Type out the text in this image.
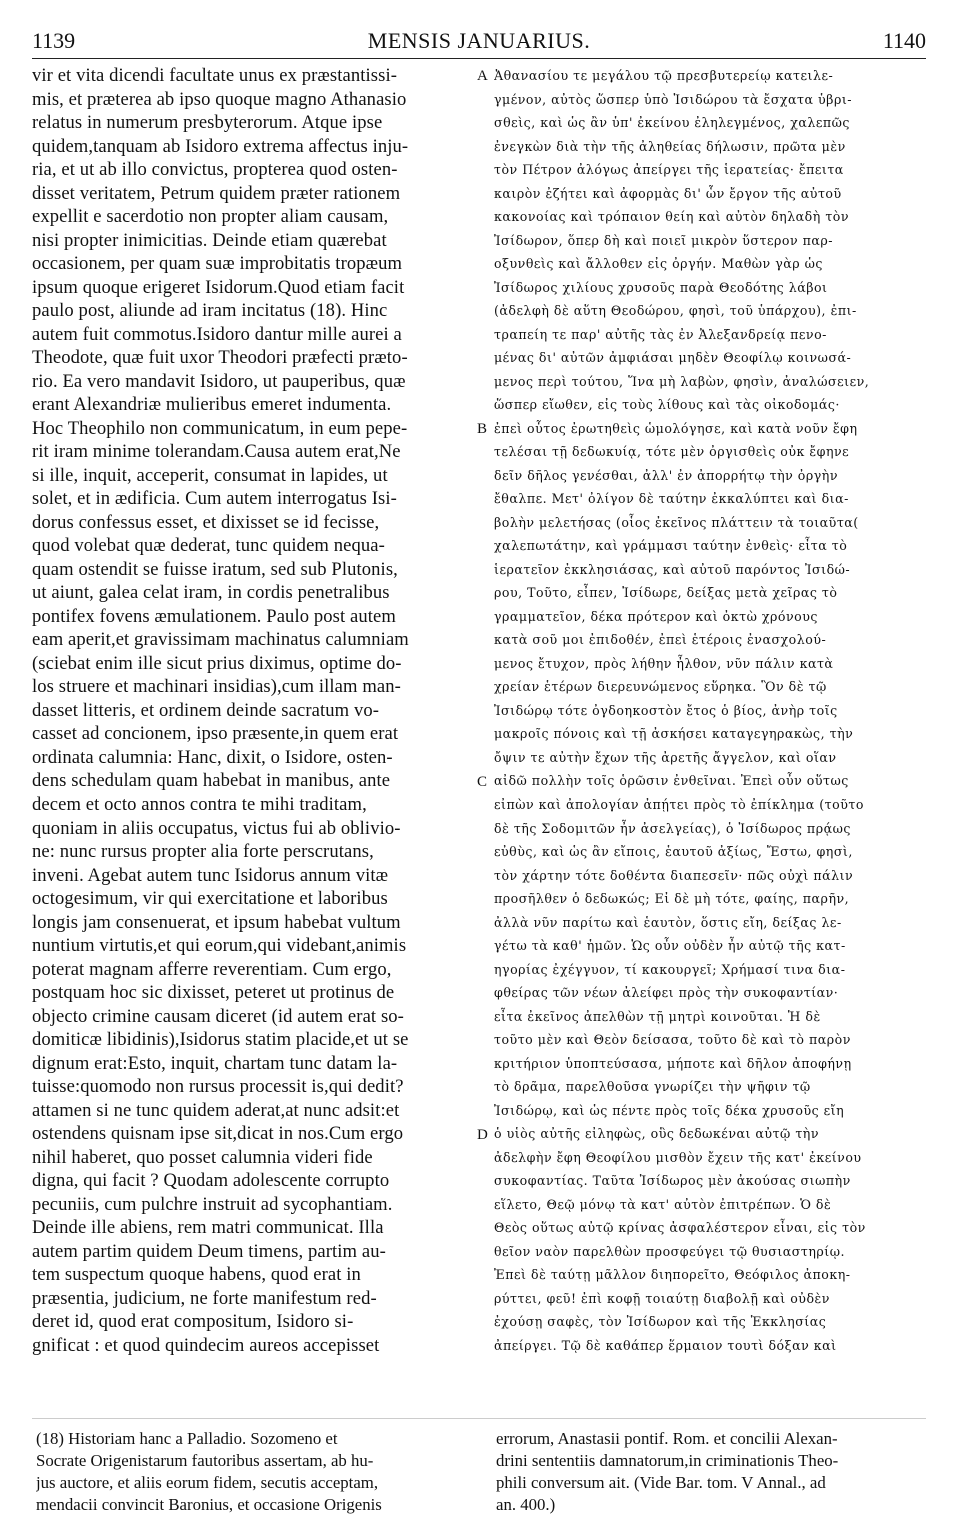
1139	MENSIS JANUARIUS.	1140
vir et vita dicendi facultate unus ex præstantissi-
mis, et præterea ab ipso quoque magno Athanasio
relatus in numerum presbyterorum. Atque ipse
quidem,tanquam ab Isidoro extrema affectus inju-
ria, et ut ab illo convictus, propterea quod osten-
disset veritatem, Petrum quidem præter rationem
expellit e sacerdotio non propter aliam causam,
nisi propter inimicitias. Deinde etiam quærebat
occasionem, per quam suæ improbitatis tropæum
ipsum quoque erigeret Isidorum.Quod etiam facit
paulo post, aliunde ad iram incitatus (18). Hinc
autem fuit commotus.Isidoro dantur mille aurei a
Theodote, quæ fuit uxor Theodori præfecti præto-
rio. Ea vero mandavit Isidoro, ut pauperibus, quæ
erant Alexandriæ mulieribus emeret indumenta.
Hoc Theophilo non communicatum, in eum pepe-
rit iram minime tolerandam.Causa autem erat,Ne
si ille, inquit, acceperit, consumat in lapides, ut
solet, et in ædificia. Cum autem interrogatus Isi-
dorus confessus esset, et dixisset se id fecisse,
quod volebat quæ dederat, tunc quidem nequa-
quam ostendit se fuisse iratum, sed sub Plutonis,
ut aiunt, galea celat iram, in cordis penetralibus
pontifex fovens æmulationem. Paulo post autem
eam aperit,et gravissimam machinatus calumniam
(sciebat enim ille sicut prius diximus, optime do-
los struere et machinari insidias),cum illam man-
dasset litteris, et ordinem deinde sacratum vo-
casset ad concionem, ipso præsente,in quem erat
ordinata calumnia: Hanc, dixit, o Isidore, osten-
dens schedulam quam habebat in manibus, ante
decem et octo annos contra te mihi traditam,
quoniam in aliis occupatus, victus fui ab oblivio-
ne: nunc rursus propter alia forte perscrutans,
inveni. Agebat autem tunc Isidorus annum vitæ
octogesimum, vir qui exercitatione et laboribus
longis jam consenuerat, et ipsum habebat vultum
nuntium virtutis,et qui eorum,qui videbant,animis
poterat magnam afferre reverentiam. Cum ergo,
postquam hoc sic dixisset, peteret ut protinus de
objecto crimine causam diceret (id autem erat so-
domiticæ libidinis),Isidorus statim placide,et ut se
dignum erat:Esto, inquit, chartam tunc datam la-
tuisse:quomodo non rursus processit is,qui dedit?
attamen si ne tunc quidem aderat,at nunc adsit:et
ostendens quisnam ipse sit,dicat in nos.Cum ergo
nihil haberet, quo posset calumnia videri fide
digna, qui facit ? Quodam adolescente corrupto
pecuniis, cum pulchre instruit ad sycophantiam.
Deinde ille abiens, rem matri communicat. Illa
autem partim quidem Deum timens, partim au-
tem suspectum quoque habens, quod erat in
præsentia, judicium, ne forte manifestum red-
deret id, quod erat compositum, Isidoro si-
gnificat : et quod quindecim aureos accepisset
Ἀθανασίου τε μεγάλου τῷ πρεσβυτερείῳ κατειλε-
γμένον, αὐτὸς ὥσπερ ὑπὸ Ἰσιδώρου τὰ ἔσχατα ὑβρι-
σθεὶς, καὶ ὡς ἂν ὑπ' ἐκείνου ἐληλεγμένος, χαλεπῶς
ἐνεγκὼν διὰ τὴν τῆς ἀληθείας δήλωσιν, πρῶτα μὲν
τὸν Πέτρον ἀλόγως ἀπείργει τῆς ἱερατείας· ἔπειτα
καιρὸν ἐζήτει καὶ ἀφορμὰς δι' ὧν ἔργον τῆς αὐτοῦ
κακονοίας καὶ τρόπαιον θείη καὶ αὐτὸν δηλαδὴ τὸν
Ἰσίδωρον, ὅπερ δὴ καὶ ποιεῖ μικρὸν ὕστερον παρ-
οξυνθεὶς καὶ ἄλλοθεν εἰς ὀργήν. Μαθὼν γὰρ ὡς
Ἰσίδωρος χιλίους χρυσοῦς παρὰ Θεοδότης λάβοι
(ἀδελφὴ δὲ αὕτη Θεοδώρου, φησὶ, τοῦ ὑπάρχου), ἐπι-
τραπείη τε παρ' αὐτῆς τὰς ἐν Ἀλεξανδρείᾳ πενο-
μένας δι' αὐτῶν ἀμφιάσαι μηδὲν Θεοφίλῳ κοινωσά-
μενος περὶ τούτου, Ἵνα μὴ λαβὼν, φησὶν, ἀναλώσειεν,
ὥσπερ εἴωθεν, εἰς τοὺς λίθους καὶ τὰς οἰκοδομάς·
ἐπεὶ οὗτος ἐρωτηθεὶς ὡμολόγησε, καὶ κατὰ νοῦν ἔφη
τελέσαι τῇ δεδωκυίᾳ, τότε μὲν ὀργισθεὶς οὐκ ἔφηνε
δεῖν δῆλος γενέσθαι, ἀλλ' ἐν ἀπορρήτῳ τὴν ὀργὴν
ἔθαλπε. Μετ' ὀλίγον δὲ ταύτην ἐκκαλύπτει καὶ δια-
βολὴν μελετήσας (οἷος ἐκεῖνος πλάττειν τὰ τοιαῦτα(
χαλεπωτάτην, καὶ γράμμασι ταύτην ἐνθεὶς· εἶτα τὸ
ἱερατεῖον ἐκκλησιάσας, καὶ αὐτοῦ παρόντος Ἰσιδώ-
ρου, Τοῦτο, εἶπεν, Ἰσίδωρε, δείξας μετὰ χεῖρας τὸ
γραμματεῖον, δέκα πρότερον καὶ ὀκτὼ χρόνους
κατὰ σοῦ μοι ἐπιδοθέν, ἐπεὶ ἑτέροις ἐνασχολού-
μενος ἔτυχον, πρὸς λήθην ἦλθον, νῦν πάλιν κατὰ
χρείαν ἑτέρων διερευνώμενος εὕρηκα. Ὃν δὲ τῷ
Ἰσιδώρῳ τότε ὀγδοηκοστὸν ἔτος ὁ βίος, ἀνὴρ τοῖς
μακροῖς πόνοις καὶ τῇ ἀσκήσει καταγεγηρακὼς, τὴν
ὄψιν τε αὐτὴν ἔχων τῆς ἀρετῆς ἄγγελον, καὶ οἵαν
αἰδῶ πολλὴν τοῖς ὁρῶσιν ἐνθεῖναι. Ἐπεὶ οὖν οὕτως
εἰπὼν καὶ ἀπολογίαν ἀπῄτει πρὸς τὸ ἐπίκλημα (τοῦτο
δὲ τῆς Σοδομιτῶν ἦν ἀσελγείας), ὁ Ἰσίδωρος πρᾴως
εὐθὺς, καὶ ὡς ἂν εἴποις, ἑαυτοῦ ἀξίως, Ἔστω, φησὶ,
τὸν χάρτην τότε δοθέντα διαπεσεῖν· πῶς οὐχὶ πάλιν
προσῆλθεν ὁ δεδωκώς; Εἰ δὲ μὴ τότε, φαίης, παρῆν,
ἀλλὰ νῦν παρίτω καὶ ἑαυτὸν, ὅστις εἴη, δείξας λε-
γέτω τὰ καθ' ἡμῶν. Ὡς οὖν οὐδὲν ἦν αὐτῷ τῆς κατ-
ηγορίας ἐχέγγυον, τί κακουργεῖ; Χρήμασί τινα δια-
φθείρας τῶν νέων ἀλείφει πρὸς τὴν συκοφαντίαν·
εἶτα ἐκεῖνος ἀπελθὼν τῇ μητρὶ κοινοῦται. Ἡ δὲ
τοῦτο μὲν καὶ Θεὸν δείσασα, τοῦτο δὲ καὶ τὸ παρὸν
κριτήριον ὑποπτεύσασα, μήποτε καὶ δῆλον ἀποφήνῃ
τὸ δρᾶμα, παρελθοῦσα γνωρίζει τὴν ψῆφιν τῷ
Ἰσιδώρῳ, καὶ ὡς πέντε πρὸς τοῖς δέκα χρυσοῦς εἴη
ὁ υἱὸς αὐτῆς εἰληφὼς, οὓς δεδωκέναι αὐτῷ τὴν
ἀδελφὴν ἔφη Θεοφίλου μισθὸν ἔχειν τῆς κατ' ἐκείνου
συκοφαντίας. Ταῦτα Ἰσίδωρος μὲν ἀκούσας σιωπὴν
εἵλετο, Θεῷ μόνῳ τὰ κατ' αὐτὸν ἐπιτρέπων. Ὁ δὲ
Θεὸς οὕτως αὐτῷ κρίνας ἀσφαλέστερον εἶναι, εἰς τὸν
θεῖον ναὸν παρελθὼν προσφεύγει τῷ θυσιαστηρίῳ.
Ἐπεὶ δὲ ταύτῃ μᾶλλον διηπορεῖτο, Θεόφιλος ἀποκη-
ρύττει, φεῦ! ἐπὶ κοφῇ τοιαύτῃ διαβολῇ καὶ οὐδὲν
ἐχούσῃ σαφὲς, τὸν Ἰσίδωρον καὶ τῆς Ἐκκλησίας
ἀπείργει. Τῷ δὲ καθάπερ ἕρμαιον τουτὶ δόξαν καὶ
A
B
C
D
(18) Historiam hanc a Palladio. Sozomeno et
Socrate Origenistarum fautoribus assertam, ab hu-
jus auctore, et aliis eorum fidem, secutis acceptam,
mendacii convincit Baronius, et occasione Origenis
errorum, Anastasii pontif. Rom. et concilii Alexan-
drini sententiis damnatorum,in criminationis Theo-
phili conversum ait. (Vide Bar. tom. V Annal., ad
an. 400.)
